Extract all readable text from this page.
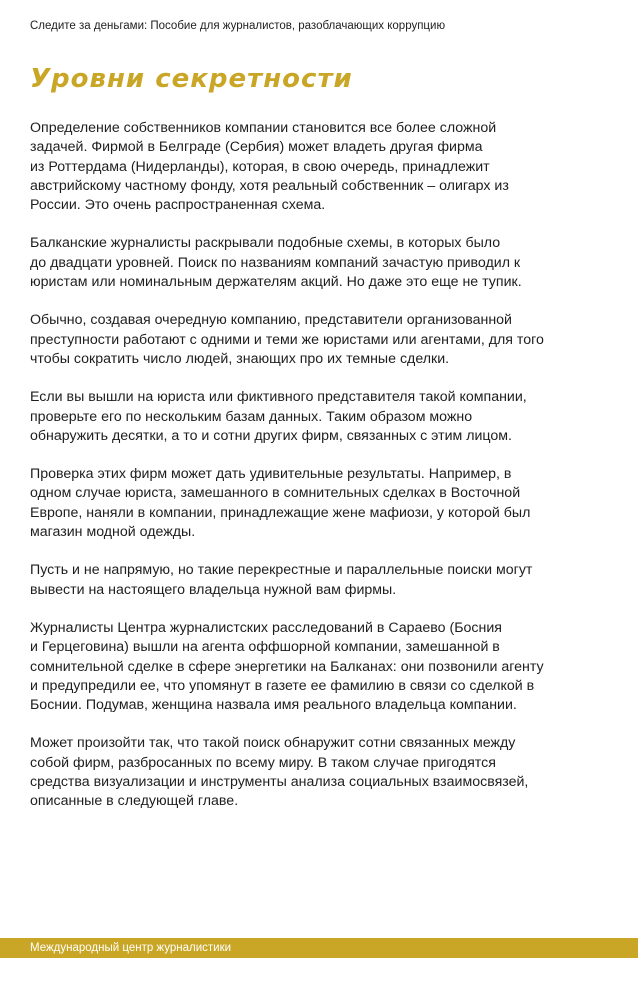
Следите за деньгами: Пособие для журналистов, разоблачающих коррупцию
Уровни секретности

Определение собственников компании становится все более сложной
задачей. Фирмой в Белграде (Сербия) может владеть другая фирма
из Роттердама (Нидерланды), которая, в свою очередь, принадлежит
австрийскому частному фонду, хотя реальный собственник – олигарх из
России. Это очень распространенная схема.

Балканские журналисты раскрывали подобные схемы, в которых было
до двадцати уровней. Поиск по названиям компаний зачастую приводил к
юристам или номинальным держателям акций. Но даже это еще не тупик.

Обычно, создавая очередную компанию, представители организованной
преступности работают с одними и теми же юристами или агентами, для того
чтобы сократить число людей, знающих про их темные сделки.

Если вы вышли на юриста или фиктивного представителя такой компании,
проверьте его по нескольким базам данных. Таким образом можно
обнаружить десятки, а то и сотни других фирм, связанных с этим лицом.

Проверка этих фирм может дать удивительные результаты. Например, в
одном случае юриста, замешанного в сомнительных сделках в Восточной
Европе, наняли в компании, принадлежащие жене мафиози, у которой был
магазин модной одежды.

Пусть и не напрямую, но такие перекрестные и параллельные поиски могут
вывести на настоящего владельца нужной вам фирмы.

Журналисты Центра журналистских расследований в Сараево (Босния
и Герцеговина) вышли на агента оффшорной компании, замешанной в
сомнительной сделке в сфере энергетики на Балканах: они позвонили агенту
и предупредили ее, что упомянут в газете ее фамилию в связи со сделкой в
Боснии. Подумав, женщина назвала имя реального владельца компании.

Может произойти так, что такой поиск обнаружит сотни связанных между
собой фирм, разбросанных по всему миру. В таком случае пригодятся
средства визуализации и инструменты анализа социальных взаимосвязей,
описанные в следующей главе.

Международный центр журналистики
